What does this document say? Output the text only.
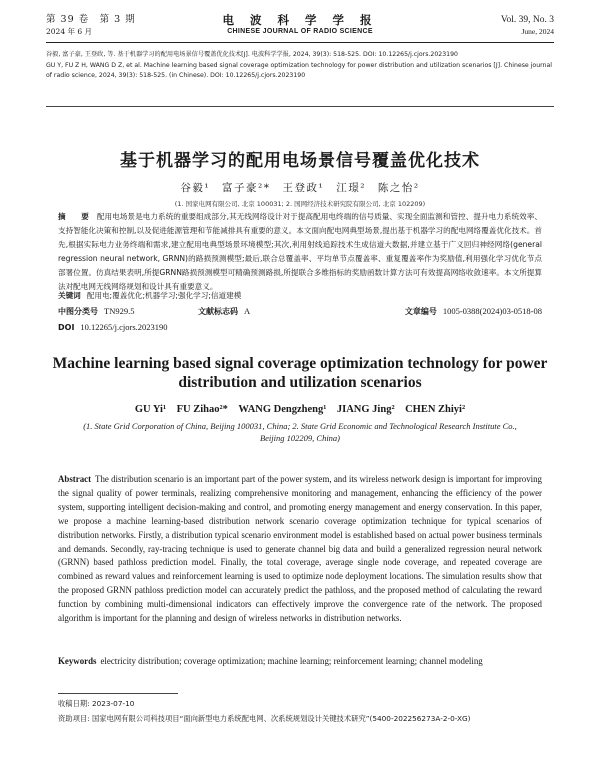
第 39 卷　第 3 期
2024 年 6 月
电 波 科 学 学 报
CHINESE JOURNAL OF RADIO SCIENCE
Vol. 39, No. 3
June, 2024
谷毅, 富子豪, 王登政, 等. 基于机器学习的配用电场景信号覆盖优化技术[J]. 电波科学学报, 2024, 39(3): 518-525. DOI: 10.12265/j.cjors.2023190
GU Y, FU Z H, WANG D Z, et al. Machine learning based signal coverage optimization technology for power distribution and utilization scenarios [J]. Chinese journal of radio science, 2024, 39(3): 518-525. (in Chinese). DOI: 10.12265/j.cjors.2023190
基于机器学习的配用电场景信号覆盖优化技术
谷毅¹　富子豪²*　王登政¹　江璟²　陈之怡²
(1. 国家电网有限公司, 北京 100031; 2. 国网经济技术研究院有限公司, 北京 102209)
摘　要 配用电场景是电力系统的重要组成部分,其无线网络设计对于提高配用电终端的信号质量、实现全面监测和管控、提升电力系统效率、支持智能化决策和控制,以及促进能源管理和节能减排具有重要的意义。本文面向配电网典型场景,提出基于机器学习的配电网络覆盖优化技术。首先,根据实际电力业务终端和需求,建立配用电典型场景环境模型;其次,利用射线追踪技术生成信道大数据,并建立基于广义回归神经网络(general regression neural network, GRNN)的路损预测模型;最后,联合总覆盖率、平均单节点覆盖率、重复覆盖率作为奖励值,利用强化学习优化节点部署位置。仿真结果表明,所提GRNN路损预测模型可精确预测路损,所提联合多维指标的奖励函数计算方法可有效提高网络收敛速率。本文所提算法对配电网无线网络规划和设计具有重要意义。
关键词 配用电;覆盖优化;机器学习;强化学习;信道建模
中图分类号 TN929.5	文献标志码 A	文章编号 1005-0388(2024)03-0518-08
DOI 10.12265/j.cjors.2023190
Machine learning based signal coverage optimization technology for power distribution and utilization scenarios
GU Yi¹　FU Zihao²*　WANG Dengzheng¹　JIANG Jing²　CHEN Zhiyi²
(1. State Grid Corporation of China, Beijing 100031, China; 2. State Grid Economic and Technological Research Institute Co., Beijing 102209, China)
Abstract The distribution scenario is an important part of the power system, and its wireless network design is important for improving the signal quality of power terminals, realizing comprehensive monitoring and management, enhancing the efficiency of the power system, supporting intelligent decision-making and control, and promoting energy management and energy conservation. In this paper, we propose a machine learning-based distribution network scenario coverage optimization technique for typical scenarios of distribution networks. Firstly, a distribution typical scenario environment model is established based on actual power business terminals and demands. Secondly, ray-tracing technique is used to generate channel big data and build a generalized regression neural network (GRNN) based pathloss prediction model. Finally, the total coverage, average single node coverage, and repeated coverage are combined as reward values and reinforcement learning is used to optimize node deployment locations. The simulation results show that the proposed GRNN pathloss prediction model can accurately predict the pathloss, and the proposed method of calculating the reward function by combining multi-dimensional indicators can effectively improve the convergence rate of the network. The proposed algorithm is important for the planning and design of wireless networks in distribution networks.
Keywords electricity distribution; coverage optimization; machine learning; reinforcement learning; channel modeling
收稿日期: 2023-07-10
资助项目: 国家电网有限公司科技项目“面向新型电力系统配电网、次系统规划设计关键技术研究”(5400-202256273A-2-0-XG)
